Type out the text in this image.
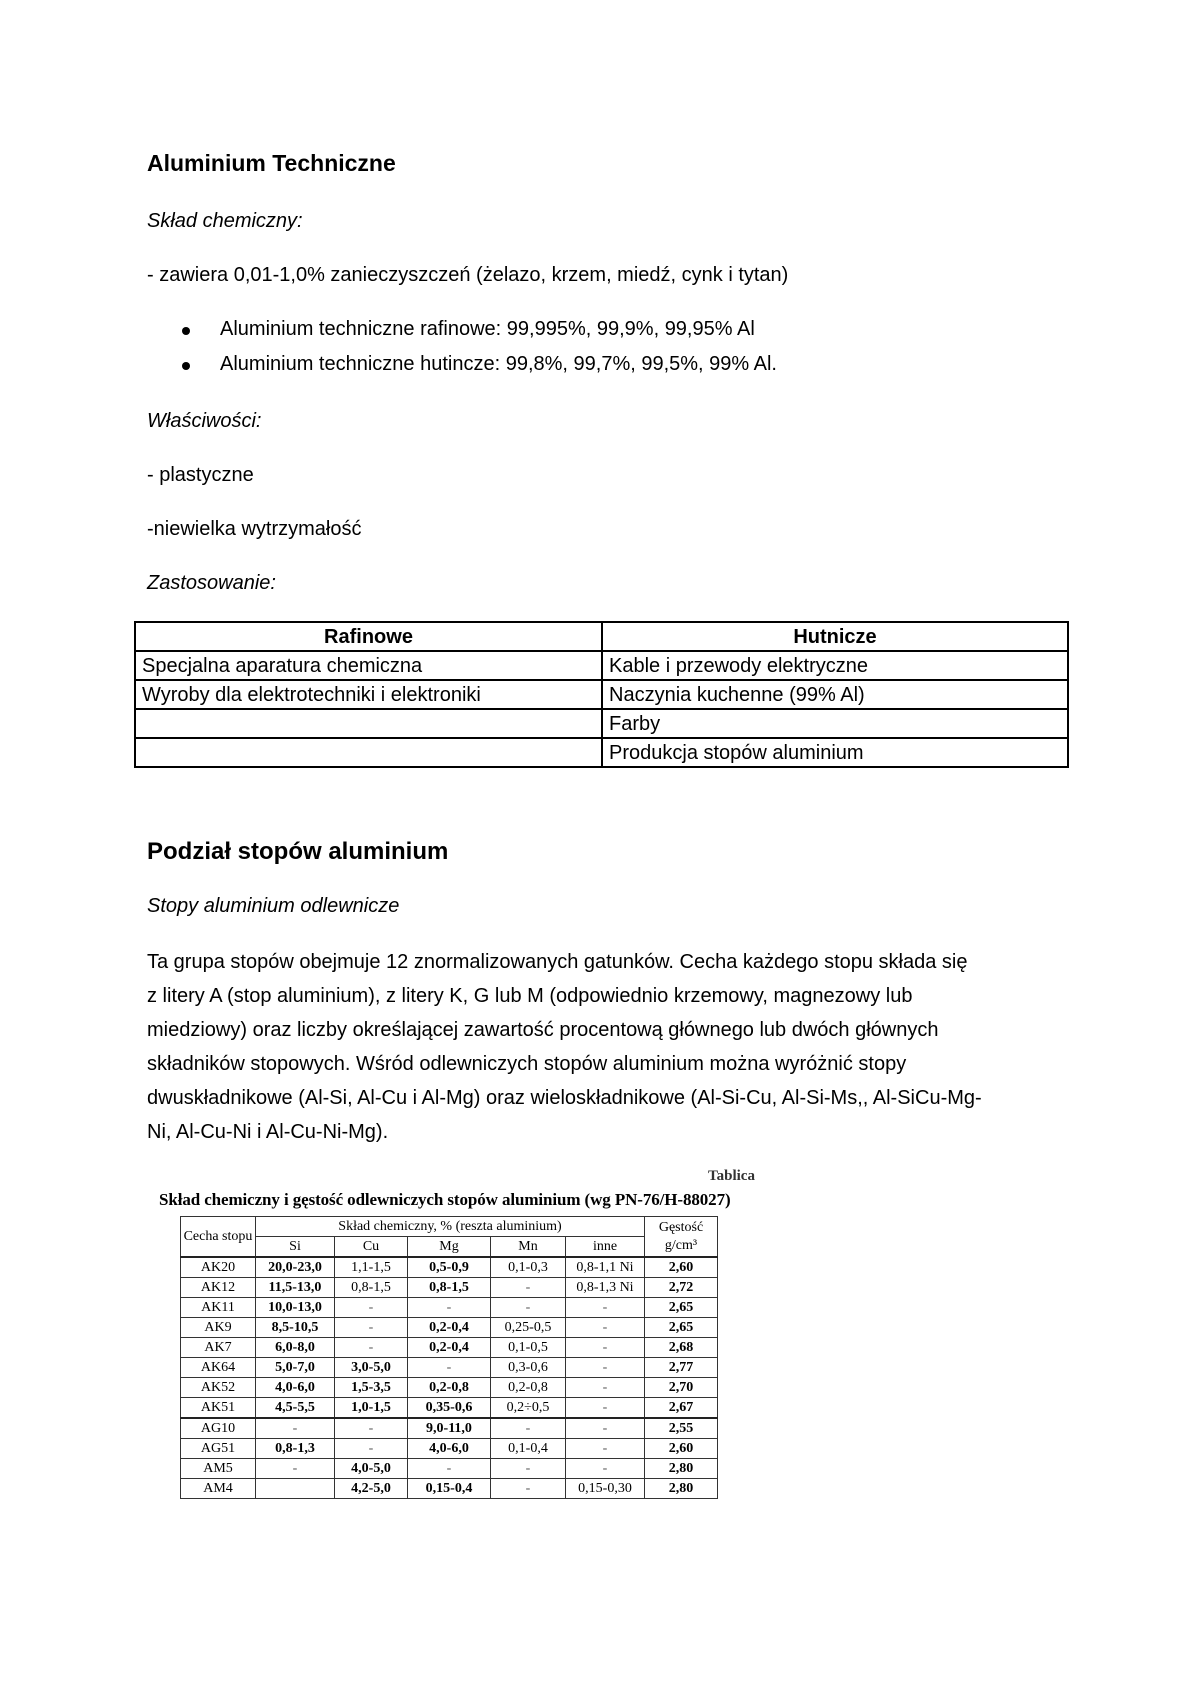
Aluminium Techniczne
Skład chemiczny:
- zawiera 0,01-1,0% zanieczyszczeń (żelazo, krzem, miedź, cynk i tytan)
Aluminium techniczne rafinowe: 99,995%, 99,9%, 99,95% Al
Aluminium techniczne hutincze: 99,8%, 99,7%, 99,5%, 99% Al.
Właściwości:
- plastyczne
-niewielka wytrzymałość
Zastosowanie:
Rafinowe	Hutnicze
Specjalna aparatura chemiczna	Kable i przewody elektryczne
Wyroby dla elektrotechniki i elektroniki	Naczynia kuchenne (99% Al)
	Farby
	Produkcja stopów aluminium
Podział stopów aluminium
Stopy aluminium odlewnicze
Ta grupa stopów obejmuje 12 znormalizowanych gatunków. Cecha każdego stopu składa się
z litery A (stop aluminium), z litery K, G lub M (odpowiednio krzemowy, magnezowy lub
miedziowy) oraz liczby określającej zawartość procentową głównego lub dwóch głównych
składników stopowych. Wśród odlewniczych stopów aluminium można wyróżnić stopy
dwuskładnikowe (Al-Si, Al-Cu i Al-Mg) oraz wieloskładnikowe (Al-Si-Cu, Al-Si-Ms,, Al-SiCu-Mg-
Ni, Al-Cu-Ni i Al-Cu-Ni-Mg).
Tablica
Skład chemiczny i gęstość odlewniczych stopów aluminium (wg PN-76/H-88027)
Cecha stopu	Skład chemiczny, % (reszta aluminium)					Gęstość g/cm³
	Si	Cu	Mg	Mn	inne	
AK20	20,0-23,0	1,1-1,5	0,5-0,9	0,1-0,3	0,8-1,1 Ni	2,60
AK12	11,5-13,0	0,8-1,5	0,8-1,5	-	0,8-1,3 Ni	2,72
AK11	10,0-13,0	-	-	-	-	2,65
AK9	8,5-10,5	-	0,2-0,4	0,25-0,5	-	2,65
AK7	6,0-8,0	-	0,2-0,4	0,1-0,5	-	2,68
AK64	5,0-7,0	3,0-5,0	-	0,3-0,6	-	2,77
AK52	4,0-6,0	1,5-3,5	0,2-0,8	0,2-0,8	-	2,70
AK51	4,5-5,5	1,0-1,5	0,35-0,6	0,2÷0,5	-	2,67
AG10	-	-	9,0-11,0	-	-	2,55
AG51	0,8-1,3	-	4,0-6,0	0,1-0,4	-	2,60
AM5	-	4,0-5,0	-	-	-	2,80
AM4		4,2-5,0	0,15-0,4	-	0,15-0,30	2,80
